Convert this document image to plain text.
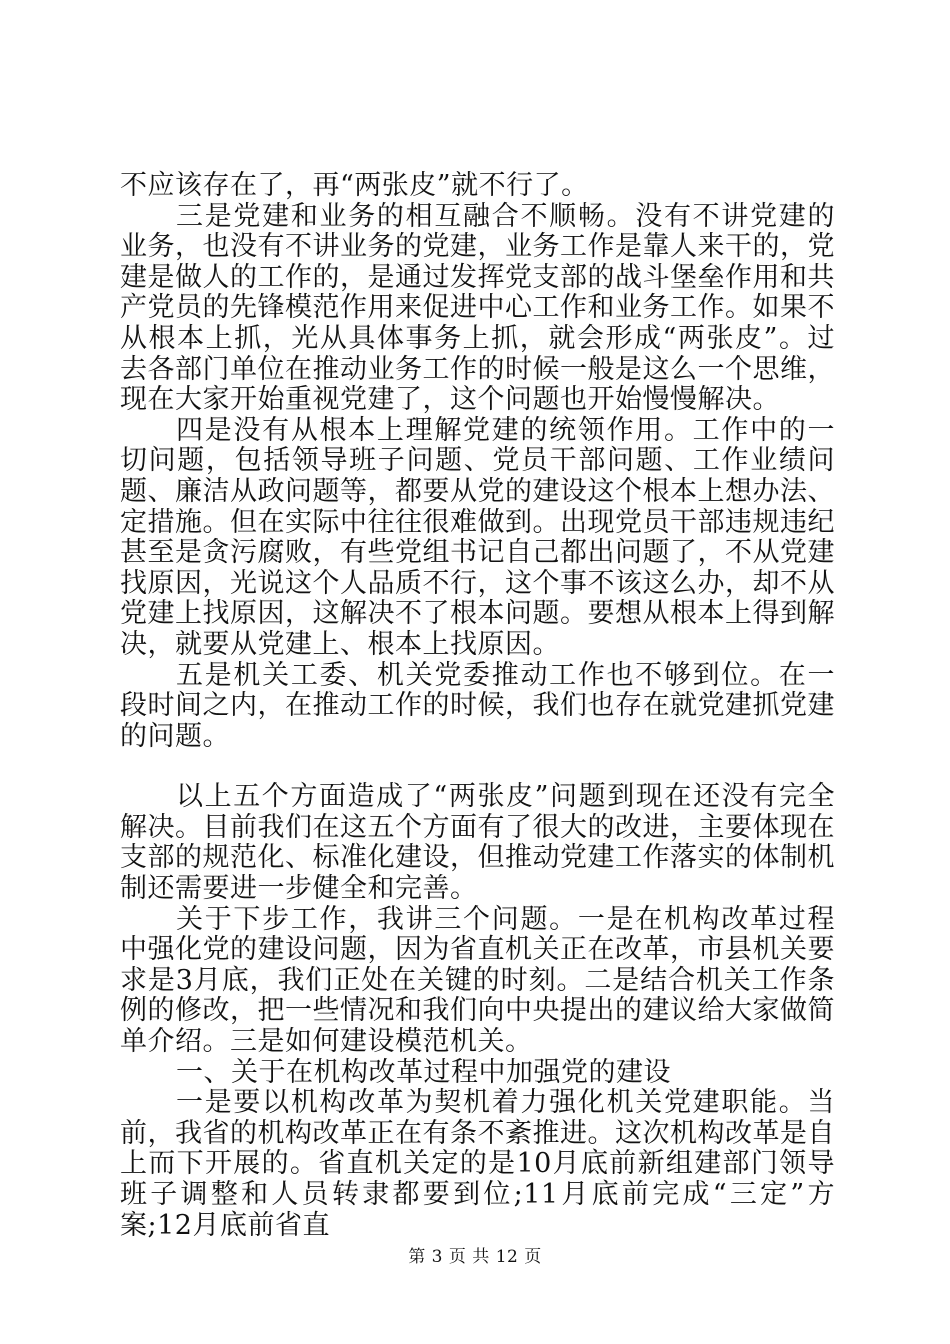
不应该存在了，再“两张皮”就不行了。

三是党建和业务的相互融合不顺畅。没有不讲党建的业务，也没有不讲业务的党建，业务工作是靠人来干的，党建是做人的工作的，是通过发挥党支部的战斗堡垒作用和共产党员的先锋模范作用来促进中心工作和业务工作。如果不从根本上抓，光从具体事务上抓，就会形成“两张皮”。过去各部门单位在推动业务工作的时候一般是这么一个思维，现在大家开始重视党建了，这个问题也开始慢慢解决。

四是没有从根本上理解党建的统领作用。工作中的一切问题，包括领导班子问题、党员干部问题、工作业绩问题、廉洁从政问题等，都要从党的建设这个根本上想办法、定措施。但在实际中往往很难做到。出现党员干部违规违纪甚至是贪污腐败，有些党组书记自己都出问题了，不从党建找原因，光说这个人品质不行，这个事不该这么办，却不从党建上找原因，这解决不了根本问题。要想从根本上得到解决，就要从党建上、根本上找原因。

五是机关工委、机关党委推动工作也不够到位。在一段时间之内，在推动工作的时候，我们也存在就党建抓党建的问题。

以上五个方面造成了“两张皮”问题到现在还没有完全解决。目前我们在这五个方面有了很大的改进，主要体现在支部的规范化、标准化建设，但推动党建工作落实的体制机制还需要进一步健全和完善。

关于下步工作，我讲三个问题。一是在机构改革过程中强化党的建设问题，因为省直机关正在改革，市县机关要求是3月底，我们正处在关键的时刻。二是结合机关工作条例的修改，把一些情况和我们向中央提出的建议给大家做简单介绍。三是如何建设模范机关。

一、关于在机构改革过程中加强党的建设

一是要以机构改革为契机着力强化机关党建职能。当前，我省的机构改革正在有条不紊推进。这次机构改革是自上而下开展的。省直机关定的是10月底前新组建部门领导班子调整和人员转隶都要到位;11月底前完成“三定”方案;12月底前省直

第 3 页 共 12 页
